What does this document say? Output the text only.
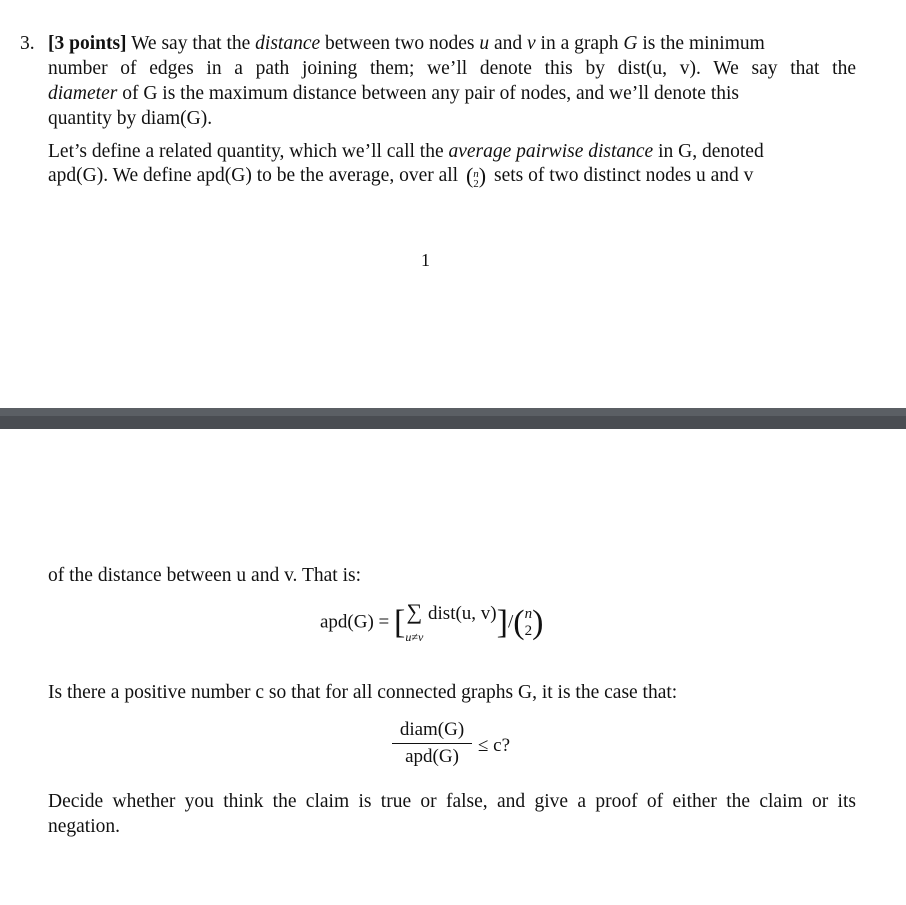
3. [3 points] We say that the distance between two nodes u and v in a graph G is the minimum
number of edges in a path joining them; we’ll denote this by dist(u, v). We say that the
diameter of G is the maximum distance between any pair of nodes, and we’ll denote this
quantity by diam(G).
Let’s define a related quantity, which we’ll call the average pairwise distance in G, denoted
apd(G). We define apd(G) to be the average, over all (n
2) sets of two distinct nodes u and v
1
of the distance between u and v. That is:
apd(G) = [∑
u≠v dist(u, v)]/(n
2)
Is there a positive number c so that for all connected graphs G, it is the case that:
diam(G)
apd(G)
≤ c?
Decide whether you think the claim is true or false, and give a proof of either the claim or its
negation.
